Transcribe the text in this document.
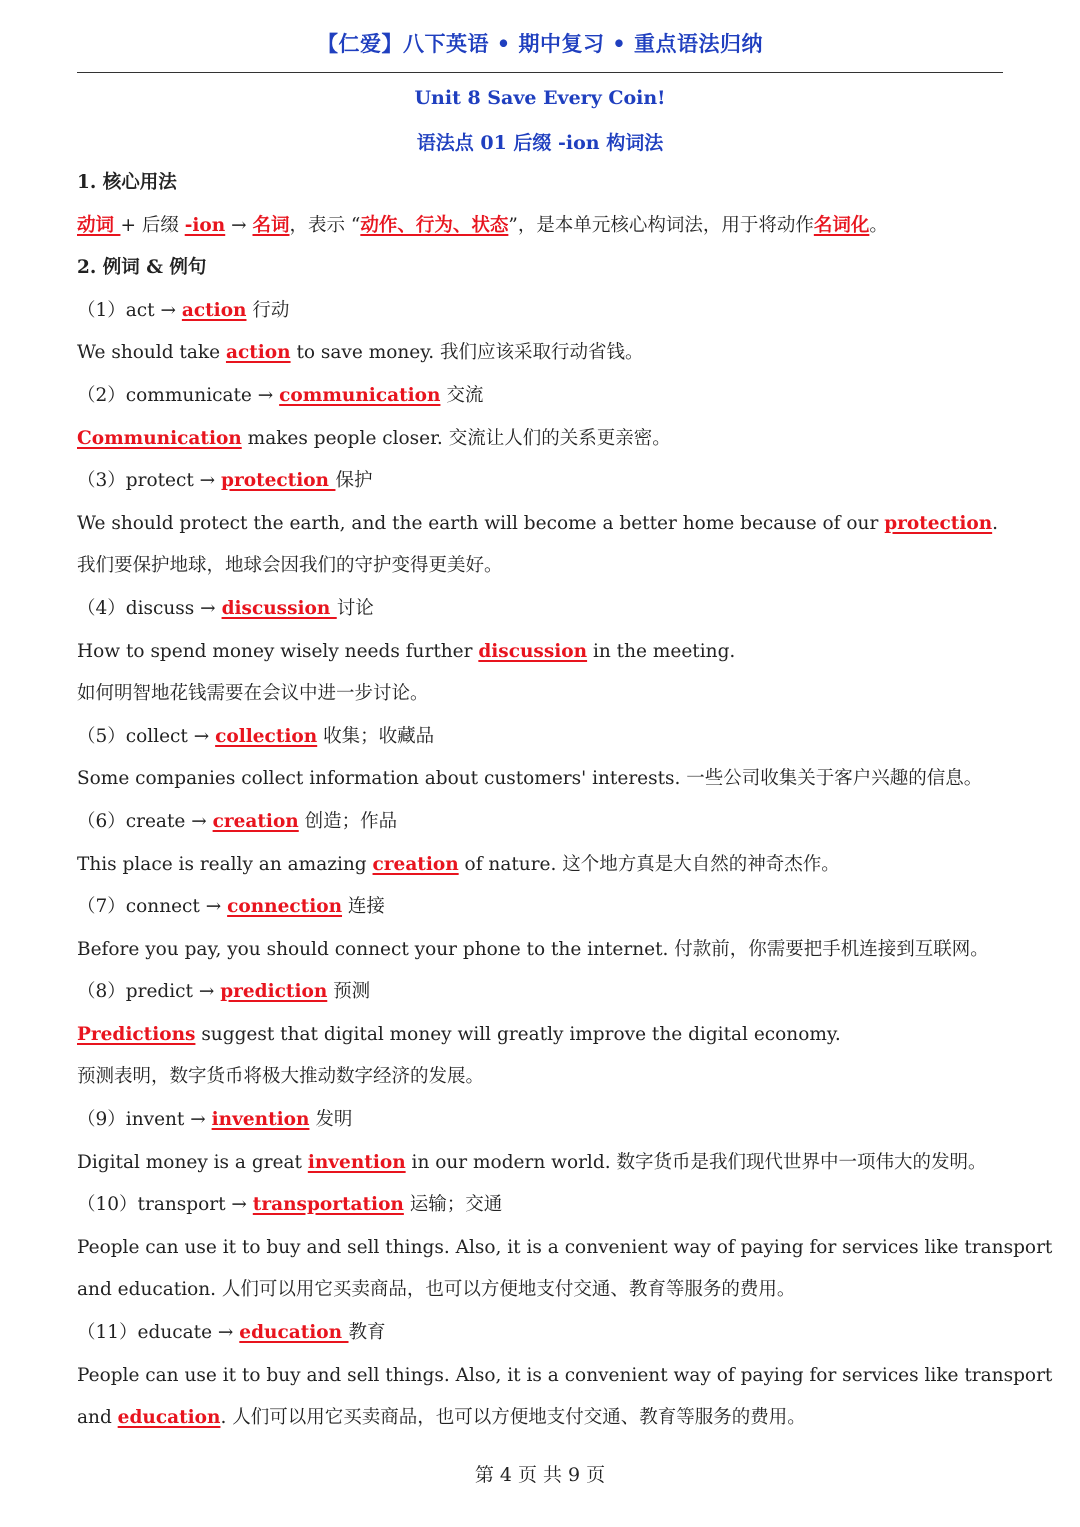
【仁爱】八下英语 • 期中复习 • 重点语法归纳
Unit 8 Save Every Coin!
语法点 01 后缀 -ion 构词法
1. 核心用法
动词 + 后缀 -ion → 名词，表示 “动作、行为、状态”，是本单元核心构词法，用于将动作名词化。
2. 例词 & 例句
（1）act → action 行动
We should take action to save money. 我们应该采取行动省钱。
（2）communicate → communication 交流
Communication makes people closer. 交流让人们的关系更亲密。
（3）protect → protection 保护
We should protect the earth, and the earth will become a better home because of our protection.
我们要保护地球，地球会因我们的守护变得更美好。
（4）discuss → discussion 讨论
How to spend money wisely needs further discussion in the meeting.
如何明智地花钱需要在会议中进一步讨论。
（5）collect → collection 收集；收藏品
Some companies collect information about customers' interests. 一些公司收集关于客户兴趣的信息。
（6）create → creation 创造；作品
This place is really an amazing creation of nature. 这个地方真是大自然的神奇杰作。
（7）connect → connection 连接
Before you pay, you should connect your phone to the internet. 付款前，你需要把手机连接到互联网。
（8）predict → prediction 预测
Predictions suggest that digital money will greatly improve the digital economy.
预测表明，数字货币将极大推动数字经济的发展。
（9）invent → invention 发明
Digital money is a great invention in our modern world. 数字货币是我们现代世界中一项伟大的发明。
（10）transport → transportation 运输；交通
People can use it to buy and sell things. Also, it is a convenient way of paying for services like transport
and education. 人们可以用它买卖商品，也可以方便地支付交通、教育等服务的费用。
（11）educate → education 教育
People can use it to buy and sell things. Also, it is a convenient way of paying for services like transport
and education. 人们可以用它买卖商品，也可以方便地支付交通、教育等服务的费用。
第 4 页 共 9 页
